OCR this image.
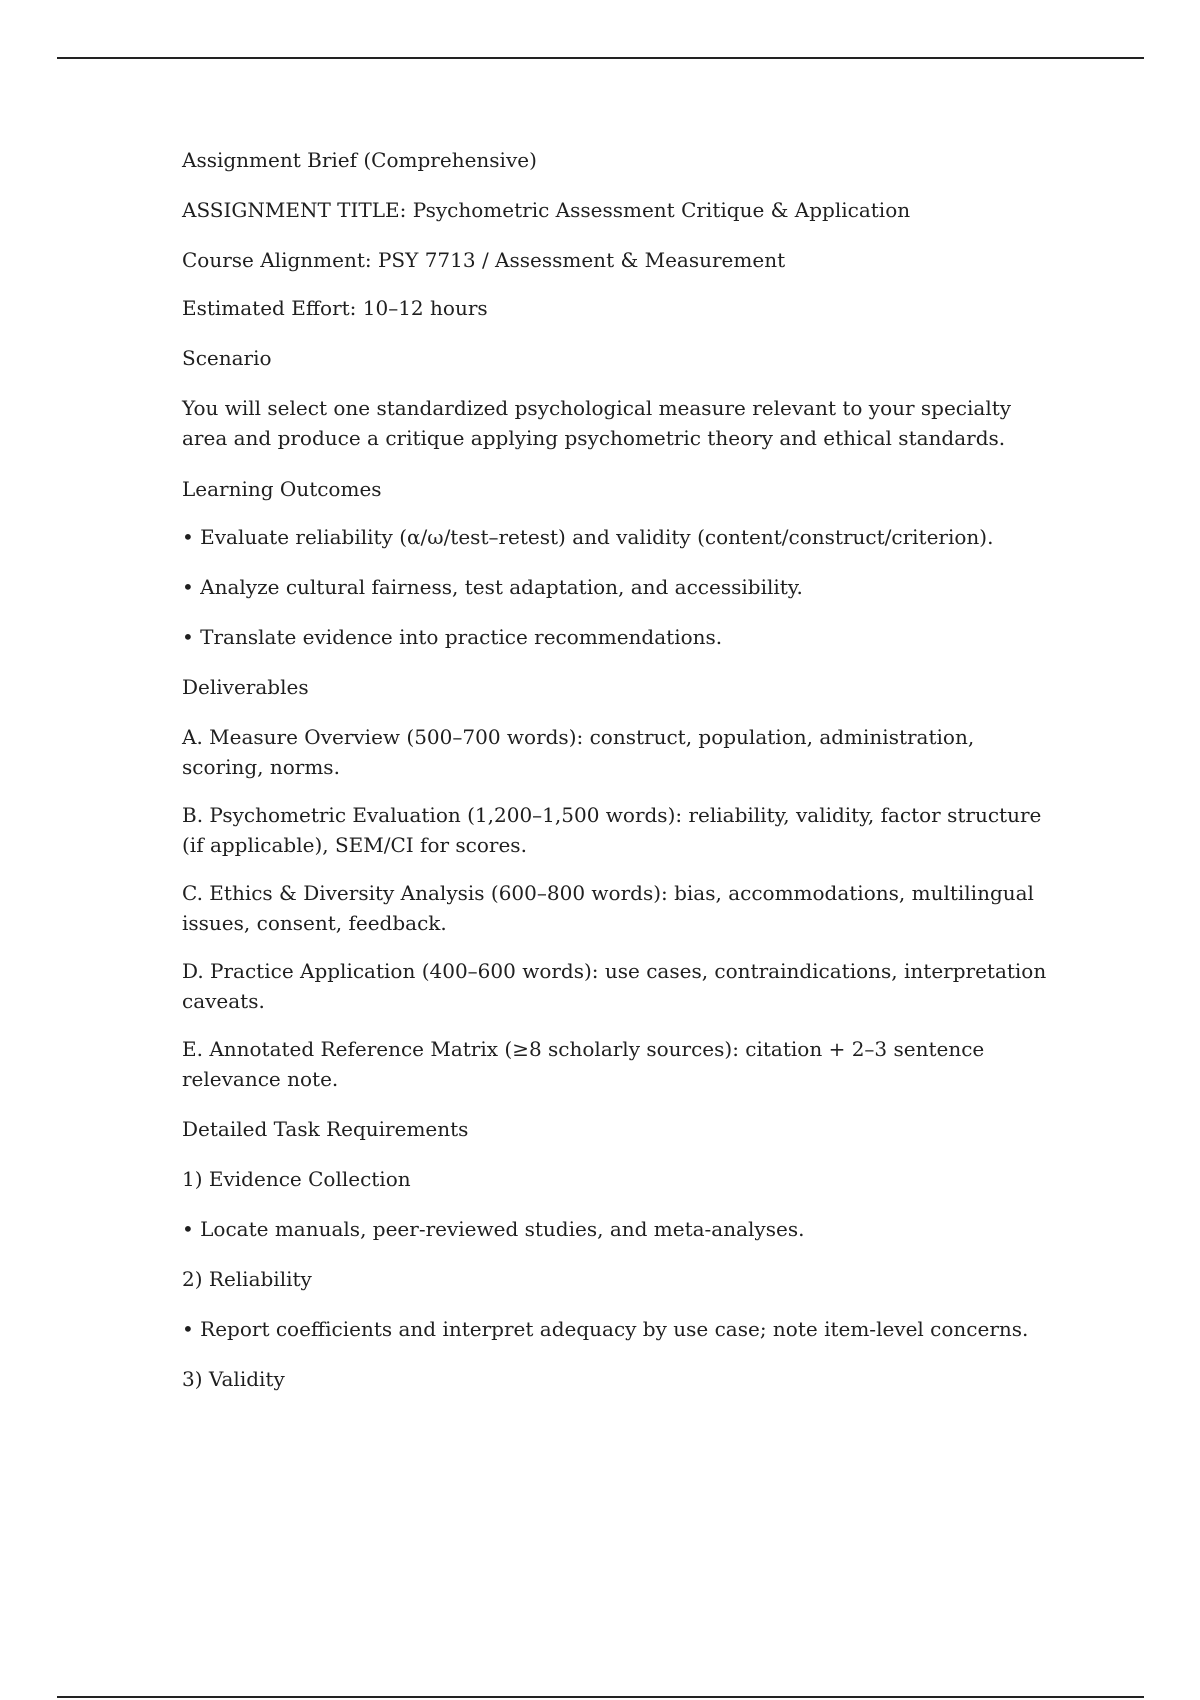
Assignment Brief (Comprehensive)

ASSIGNMENT TITLE: Psychometric Assessment Critique & Application

Course Alignment: PSY 7713 / Assessment & Measurement

Estimated Effort: 10–12 hours

Scenario

You will select one standardized psychological measure relevant to your specialty area and produce a critique applying psychometric theory and ethical standards.

Learning Outcomes

• Evaluate reliability (α/ω/test–retest) and validity (content/construct/criterion).

• Analyze cultural fairness, test adaptation, and accessibility.

• Translate evidence into practice recommendations.

Deliverables

A. Measure Overview (500–700 words): construct, population, administration, scoring, norms.

B. Psychometric Evaluation (1,200–1,500 words): reliability, validity, factor structure (if applicable), SEM/CI for scores.

C. Ethics & Diversity Analysis (600–800 words): bias, accommodations, multilingual issues, consent, feedback.

D. Practice Application (400–600 words): use cases, contraindications, interpretation caveats.

E. Annotated Reference Matrix (≥8 scholarly sources): citation + 2–3 sentence relevance note.

Detailed Task Requirements

1) Evidence Collection

• Locate manuals, peer-reviewed studies, and meta-analyses.

2) Reliability

• Report coefficients and interpret adequacy by use case; note item-level concerns.

3) Validity
